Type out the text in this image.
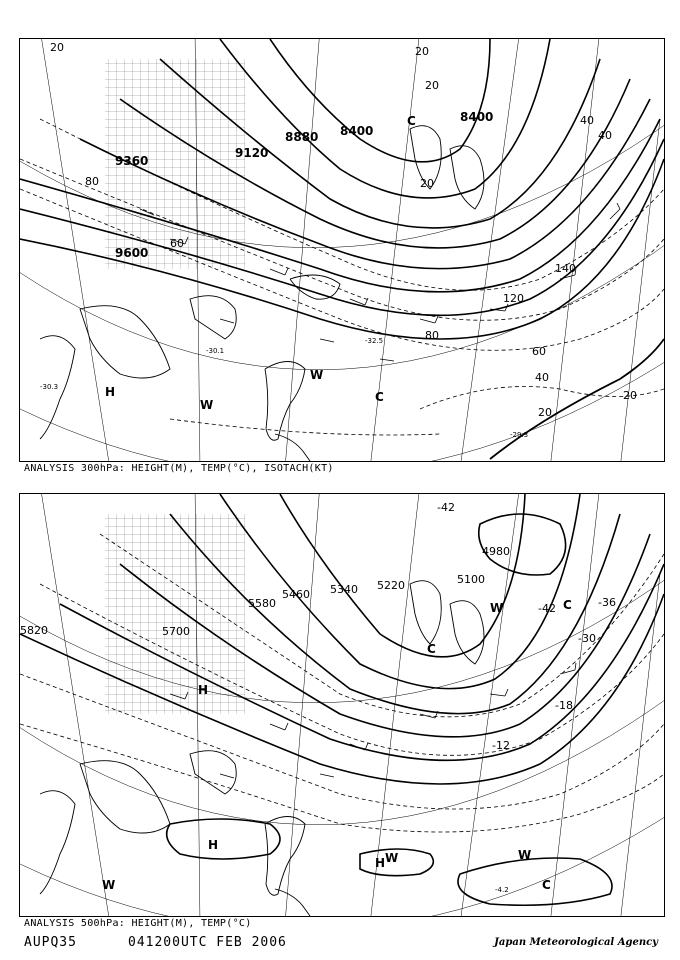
8400
8880 8400
9120
9360
9600
20	20
20
40
80
120
140
80
60
40
20
20
20
40
60
-29.3
-30.1
-32.5
-30.3	H
W
W
C
C
ANALYSIS 300hPa: HEIGHT(M), TEMP(°C), ISOTACH(KT)
5820	5700
5580
5460 5340 5220	5100
4980
-42
-42	-36
-30
-18
-12
-4.2
H
H
H
W
W	W
C
C
W	C
ANALYSIS 500hPa: HEIGHT(M), TEMP(°C)
AUPQ35	041200UTC FEB 2006	Japan Meteorological Agency
